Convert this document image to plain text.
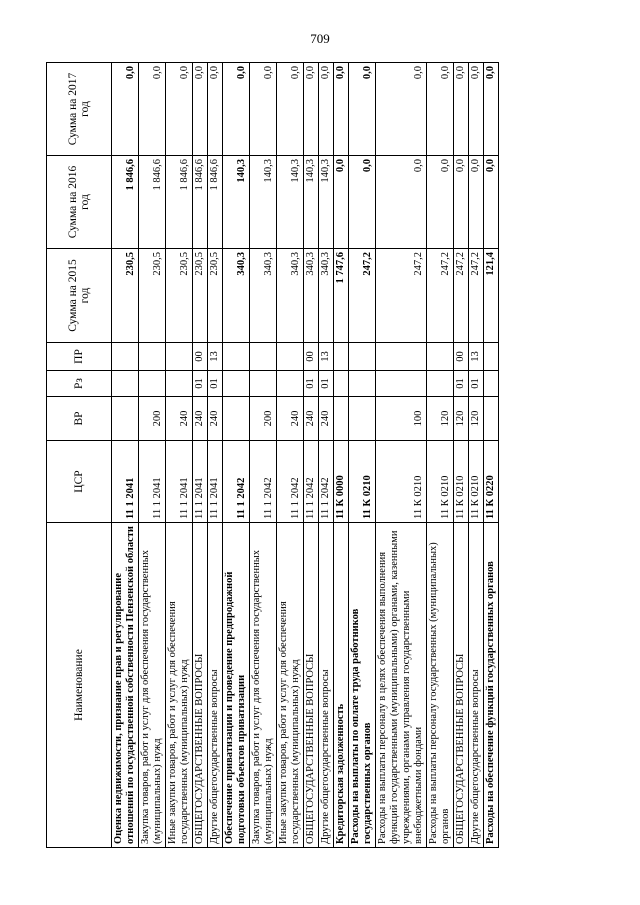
709
Наименование	ЦСР	ВР	Рз	ПР	Сумма на 2015 год	Сумма на 2016 год	Сумма на 2017 год
Оценка недвижимости, признание прав и регулирование отношений по государственной собственности Пензенской области	11 1 2041				230,5	1 846,6	0,0
Закупка товаров, работ и услуг для обеспечения государственных (муниципальных) нужд	11 1 2041	200			230,5	1 846,6	0,0
Иные закупки товаров, работ и услуг для обеспечения государственных (муниципальных) нужд	11 1 2041	240			230,5	1 846,6	0,0
ОБЩЕГОСУДАРСТВЕННЫЕ ВОПРОСЫ	11 1 2041	240	01	00	230,5	1 846,6	0,0
Другие общегосударственные вопросы	11 1 2041	240	01	13	230,5	1 846,6	0,0
Обеспечение приватизации и проведение предпродажной подготовки объектов приватизации	11 1 2042				340,3	140,3	0,0
Закупка товаров, работ и услуг для обеспечения государственных (муниципальных) нужд	11 1 2042	200			340,3	140,3	0,0
Иные закупки товаров, работ и услуг для обеспечения государственных (муниципальных) нужд	11 1 2042	240			340,3	140,3	0,0
ОБЩЕГОСУДАРСТВЕННЫЕ ВОПРОСЫ	11 1 2042	240	01	00	340,3	140,3	0,0
Другие общегосударственные вопросы	11 1 2042	240	01	13	340,3	140,3	0,0
Кредиторская задолженность	11 К 0000				1 747,6	0,0	0,0
Расходы на выплаты по оплате труда работников государственных органов	11 К 0210				247,2	0,0	0,0
Расходы на выплаты персоналу в целях обеспечения выполнения функций государственными (муниципальными) органами, казенными учреждениями, органами управления государственными внебюджетными фондами	11 К 0210	100			247,2	0,0	0,0
Расходы на выплаты персоналу государственных (муниципальных) органов	11 К 0210	120			247,2	0,0	0,0
ОБЩЕГОСУДАРСТВЕННЫЕ ВОПРОСЫ	11 К 0210	120	01	00	247,2	0,0	0,0
Другие общегосударственные вопросы	11 К 0210	120	01	13	247,2	0,0	0,0
Расходы на обеспечение функций государственных органов	11 К 0220				121,4	0,0	0,0
